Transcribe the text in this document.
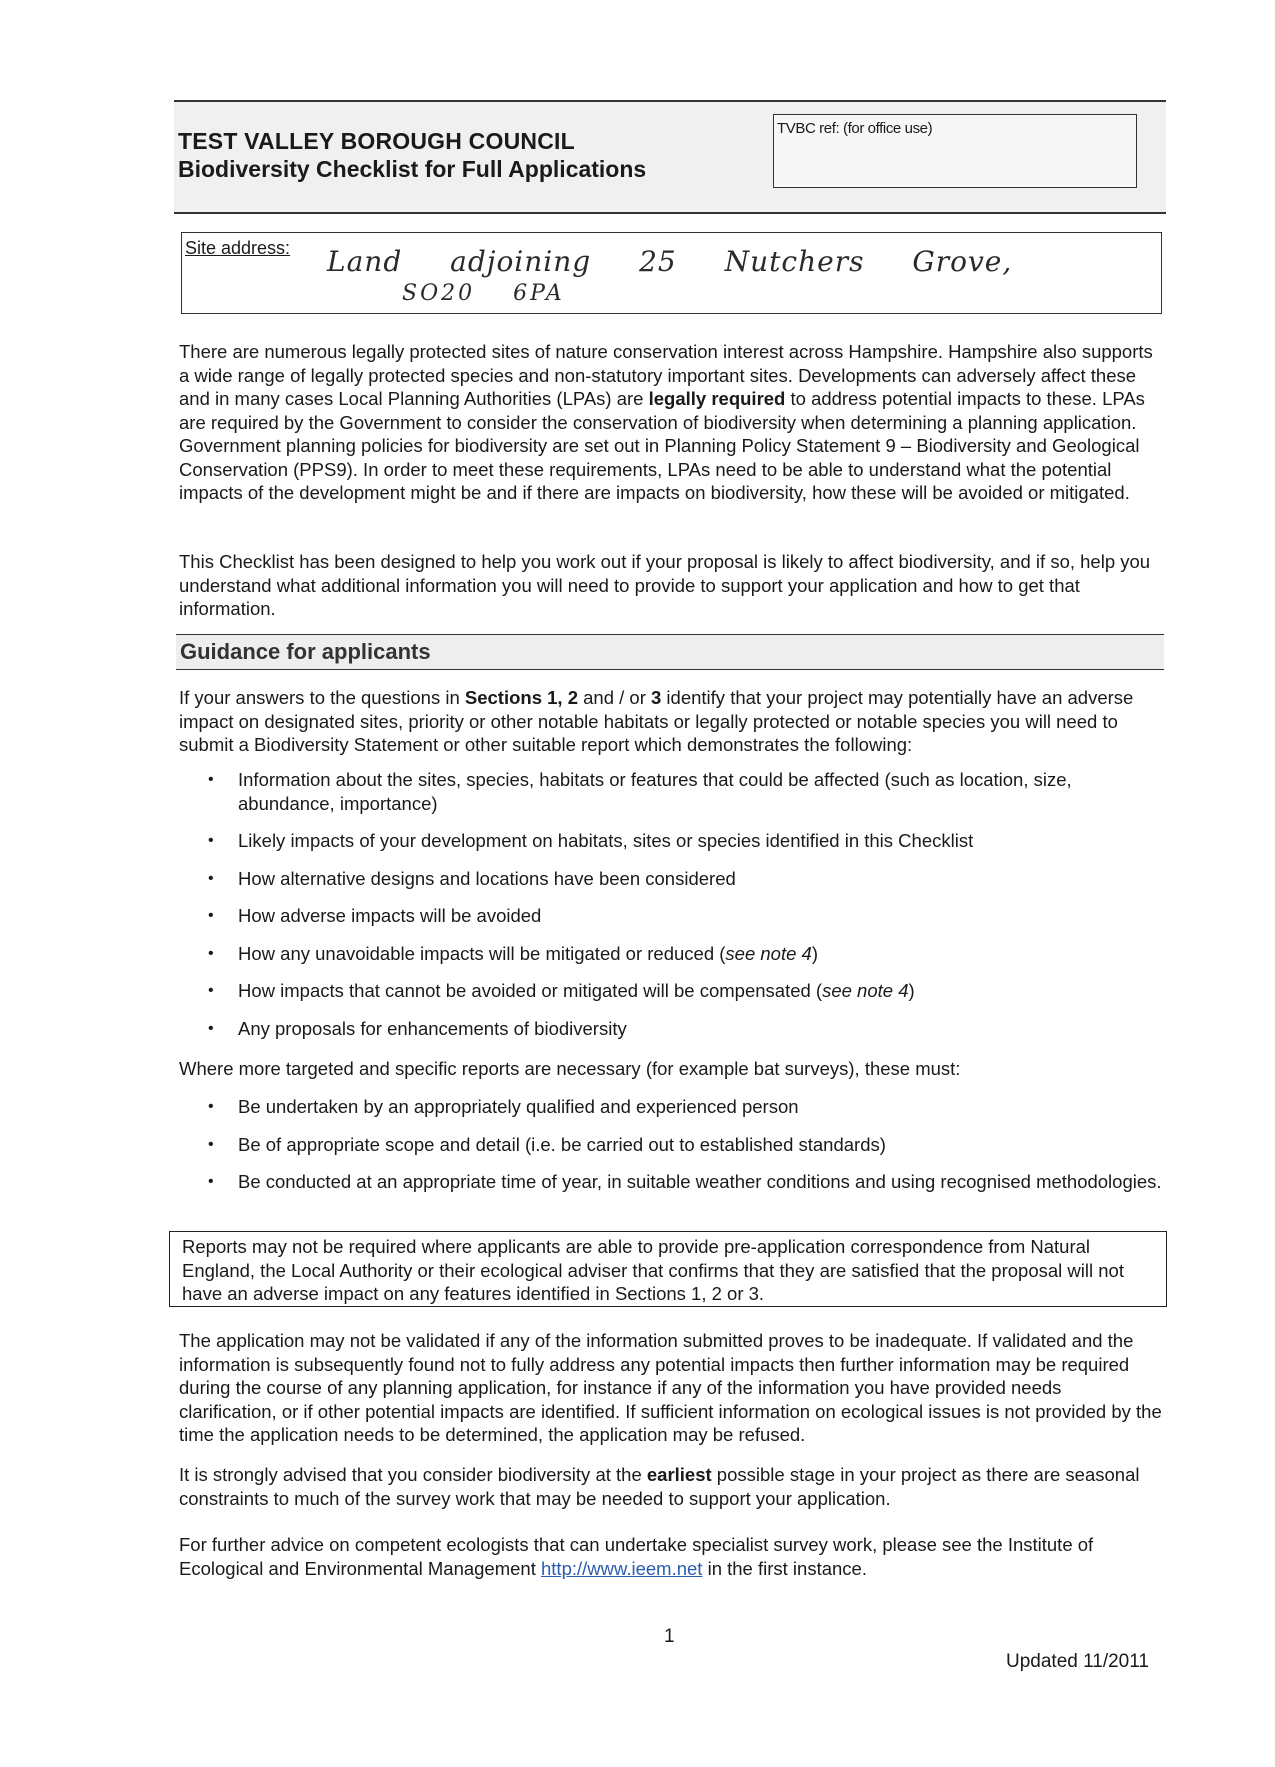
TEST VALLEY BOROUGH COUNCIL
Biodiversity Checklist for Full Applications
TVBC ref: (for office use)
Site address: Land adjoining 25 Nutchers Grove,
SO20 6PA

There are numerous legally protected sites of nature conservation interest across Hampshire. Hampshire also supports a wide range of legally protected species and non-statutory important sites. Developments can adversely affect these and in many cases Local Planning Authorities (LPAs) are legally required to address potential impacts to these. LPAs are required by the Government to consider the conservation of biodiversity when determining a planning application. Government planning policies for biodiversity are set out in Planning Policy Statement 9 – Biodiversity and Geological Conservation (PPS9). In order to meet these requirements, LPAs need to be able to understand what the potential impacts of the development might be and if there are impacts on biodiversity, how these will be avoided or mitigated.

This Checklist has been designed to help you work out if your proposal is likely to affect biodiversity, and if so, help you understand what additional information you will need to provide to support your application and how to get that information.

Guidance for applicants

If your answers to the questions in Sections 1, 2 and / or 3 identify that your project may potentially have an adverse impact on designated sites, priority or other notable habitats or legally protected or notable species you will need to submit a Biodiversity Statement or other suitable report which demonstrates the following:

• Information about the sites, species, habitats or features that could be affected (such as location, size, abundance, importance)
• Likely impacts of your development on habitats, sites or species identified in this Checklist
• How alternative designs and locations have been considered
• How adverse impacts will be avoided
• How any unavoidable impacts will be mitigated or reduced (see note 4)
• How impacts that cannot be avoided or mitigated will be compensated (see note 4)
• Any proposals for enhancements of biodiversity

Where more targeted and specific reports are necessary (for example bat surveys), these must:

• Be undertaken by an appropriately qualified and experienced person
• Be of appropriate scope and detail (i.e. be carried out to established standards)
• Be conducted at an appropriate time of year, in suitable weather conditions and using recognised methodologies.
Reports may not be required where applicants are able to provide pre-application correspondence from Natural England, the Local Authority or their ecological adviser that confirms that they are satisfied that the proposal will not have an adverse impact on any features identified in Sections 1, 2 or 3.

The application may not be validated if any of the information submitted proves to be inadequate. If validated and the information is subsequently found not to fully address any potential impacts then further information may be required during the course of any planning application, for instance if any of the information you have provided needs clarification, or if other potential impacts are identified. If sufficient information on ecological issues is not provided by the time the application needs to be determined, the application may be refused.

It is strongly advised that you consider biodiversity at the earliest possible stage in your project as there are seasonal constraints to much of the survey work that may be needed to support your application.

For further advice on competent ecologists that can undertake specialist survey work, please see the Institute of Ecological and Environmental Management http://www.ieem.net in the first instance.

1
Updated 11/2011
